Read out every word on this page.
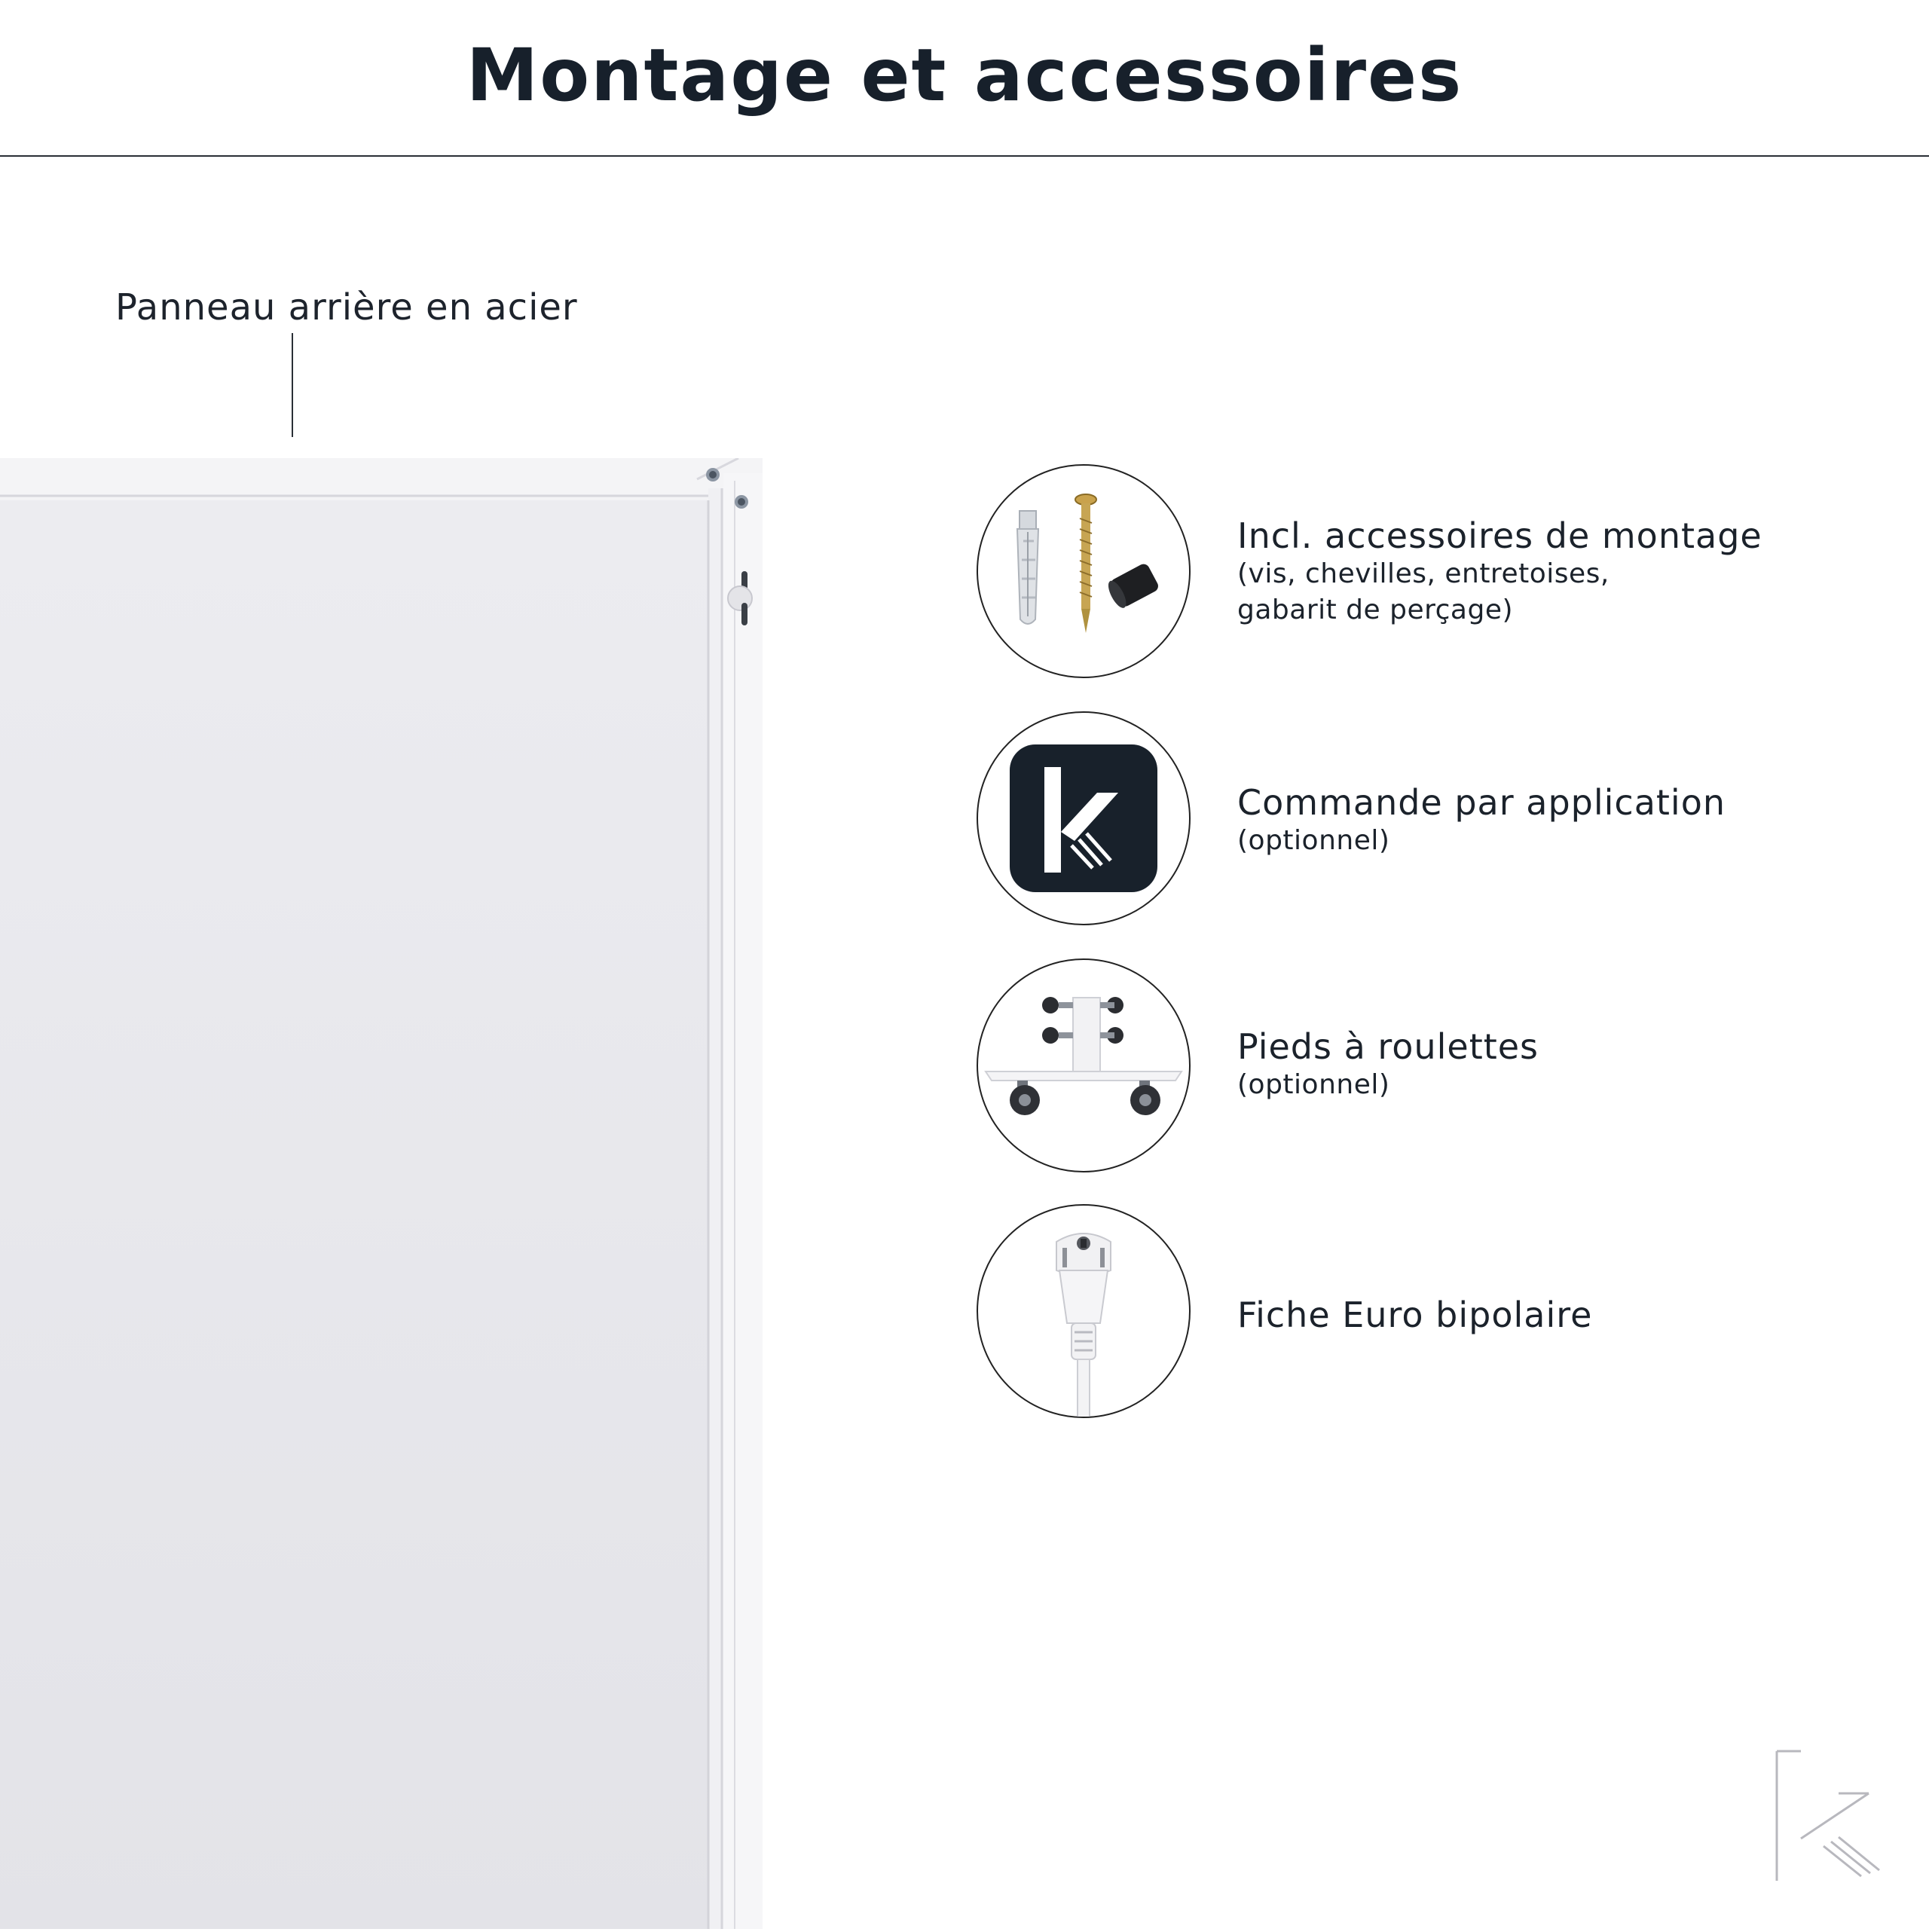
Montage et accessoires
Panneau arrière en acier
Incl. accessoires de montage
(vis, chevilles, entretoises,
gabarit de perçage)
Commande par application
(optionnel)
Pieds à roulettes
(optionnel)
Fiche Euro bipolaire
